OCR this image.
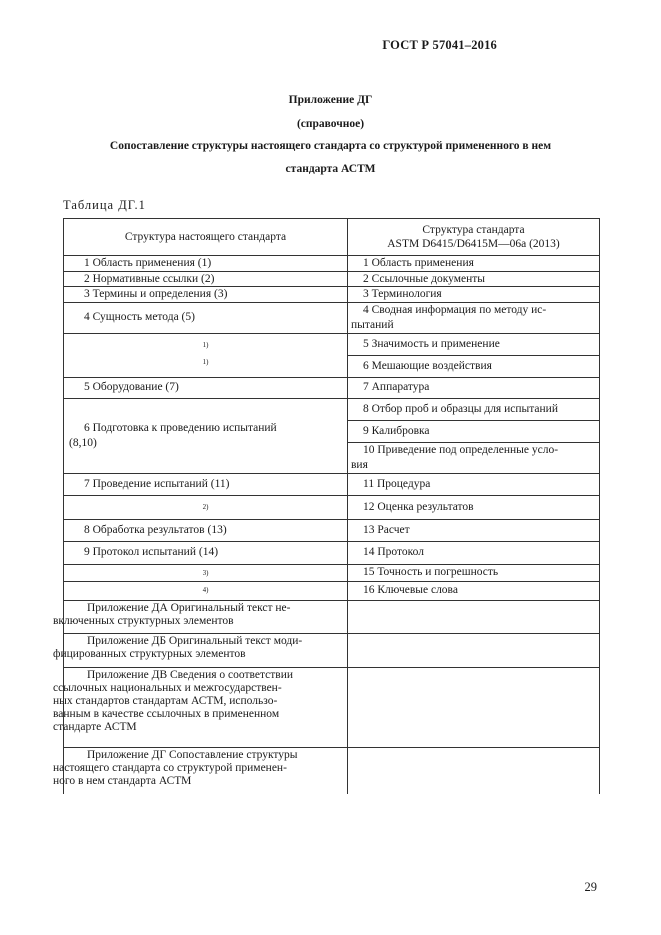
ГОСТ Р 57041–2016
Приложение ДГ
(справочное)
Сопоставление структуры настоящего стандарта со структурой примененного в нем
стандарта АСТМ
Таблица ДГ.1
Структура настоящего стандарта	Структура стандарта
ASTM D6415/D6415M—06a (2013)
1 Область применения (1)	1 Область применения
2 Нормативные ссылки (2)	2 Ссылочные документы
3 Термины и определения (3)	3 Терминология
4 Сущность метода (5)	4 Сводная информация по методу ис-
пытаний
1)	5 Значимость и применение
1)	6 Мешающие воздействия
5 Оборудование (7)	7 Аппаратура
6 Подготовка к проведению испытаний
(8,10)	8 Отбор проб и образцы для испытаний
	9 Калибровка
	10 Приведение под определенные усло-
вия
7 Проведение испытаний (11)	11 Процедура
2)	12 Оценка результатов
8 Обработка результатов (13)	13 Расчет
9 Протокол испытаний (14)	14 Протокол
3)	15 Точность и погрешность
4)	16 Ключевые слова
Приложение ДА Оригинальный текст не-
включенных структурных элементов	
Приложение ДБ Оригинальный текст моди-
фицированных структурных элементов	
Приложение ДВ Сведения о соответствии
ссылочных национальных и межгосударствен-
ных стандартов стандартам АСТМ, использо-
ванным в качестве ссылочных в примененном
стандарте АСТМ	
Приложение ДГ Сопоставление структуры
настоящего стандарта со структурой применен-
ного в нем стандарта АСТМ	
29
